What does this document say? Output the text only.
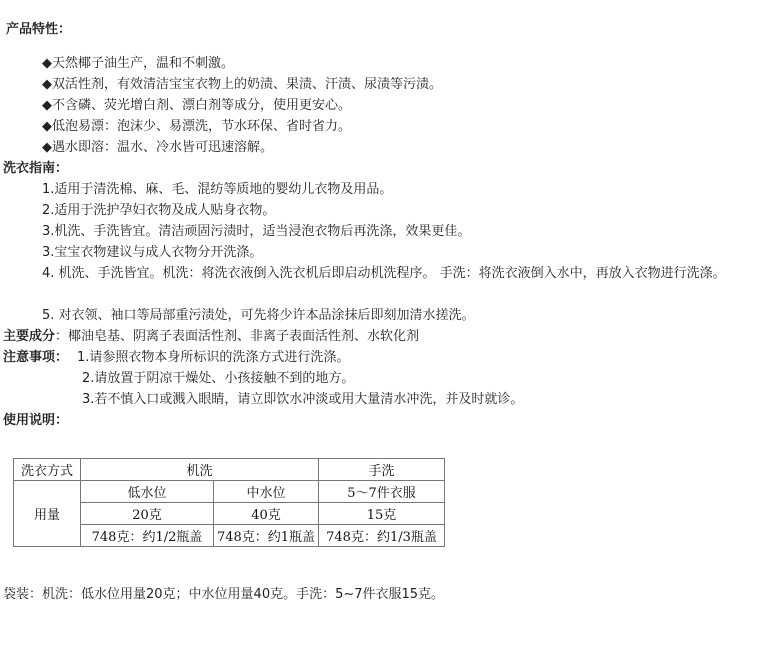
产品特性：
◆天然椰子油生产，温和不刺激。
◆双活性剂，有效清洁宝宝衣物上的奶渍、果渍、汗渍、尿渍等污渍。
◆不含磷、荧光增白剂、漂白剂等成分，使用更安心。
◆低泡易漂：泡沫少、易漂洗，节水环保、省时省力。
◆遇水即溶：温水、冷水皆可迅速溶解。
洗衣指南：
1.适用于清洗棉、麻、毛、混纺等质地的婴幼儿衣物及用品。
2.适用于洗护孕妇衣物及成人贴身衣物。
3.机洗、手洗皆宜。清洁顽固污渍时，适当浸泡衣物后再洗涤，效果更佳。
3.宝宝衣物建议与成人衣物分开洗涤。
4. 机洗、手洗皆宜。机洗：将洗衣液倒入洗衣机后即启动机洗程序。 手洗：将洗衣液倒入水中，再放入衣物进行洗涤。
5. 对衣领、袖口等局部重污渍处，可先将少许本品涂抹后即刻加清水搓洗。
主要成分：椰油皂基、阴离子表面活性剂、非离子表面活性剂、水软化剂
注意事项： 1.请参照衣物本身所标识的洗涤方式进行洗涤。
2.请放置于阴凉干燥处、小孩接触不到的地方。
3.若不慎入口或溅入眼睛，请立即饮水冲淡或用大量清水冲洗，并及时就诊。
使用说明：
洗衣方式	机洗		手洗
用量	低水位	中水位	5～7件衣服
	20克	40克	15克
	748克：约1/2瓶盖	748克：约1瓶盖	748克：约1/3瓶盖
袋装：机洗：低水位用量20克；中水位用量40克。手洗：5~7件衣服15克。
